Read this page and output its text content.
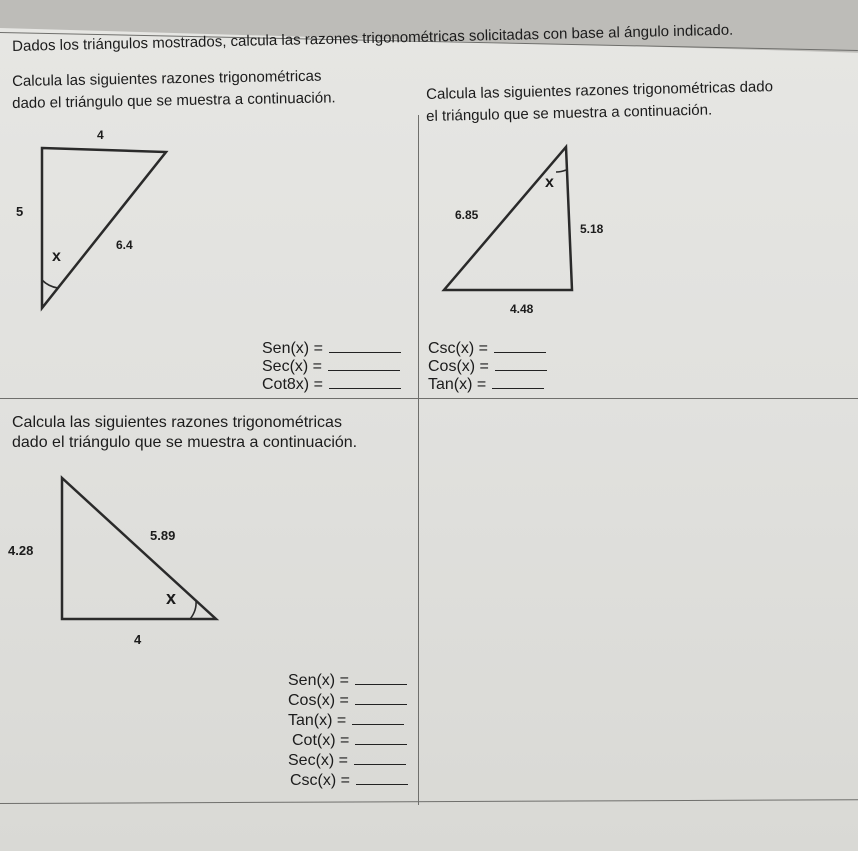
Dados los triángulos mostrados, calcula las razones trigonométricas solicitadas con base al ángulo indicado.
Calcula las siguientes razones trigonométricas
dado el triángulo que se muestra a continuación.	Calcula las siguientes razones trigonométricas dado
el triángulo que se muestra a continuación.
Calcula las siguientes razones trigonométricas
dado el triángulo que se muestra a continuación.
4
5
6.4
x
x
6.85
5.18
4.48
4.28
5.89
x
4
Sen(x) =
Sec(x) =
Cot8x) =
Csc(x) =
Cos(x) =
Tan(x) =
Sen(x) =
Cos(x) =
Tan(x) =
Cot(x) =
Sec(x) =
Csc(x) =
